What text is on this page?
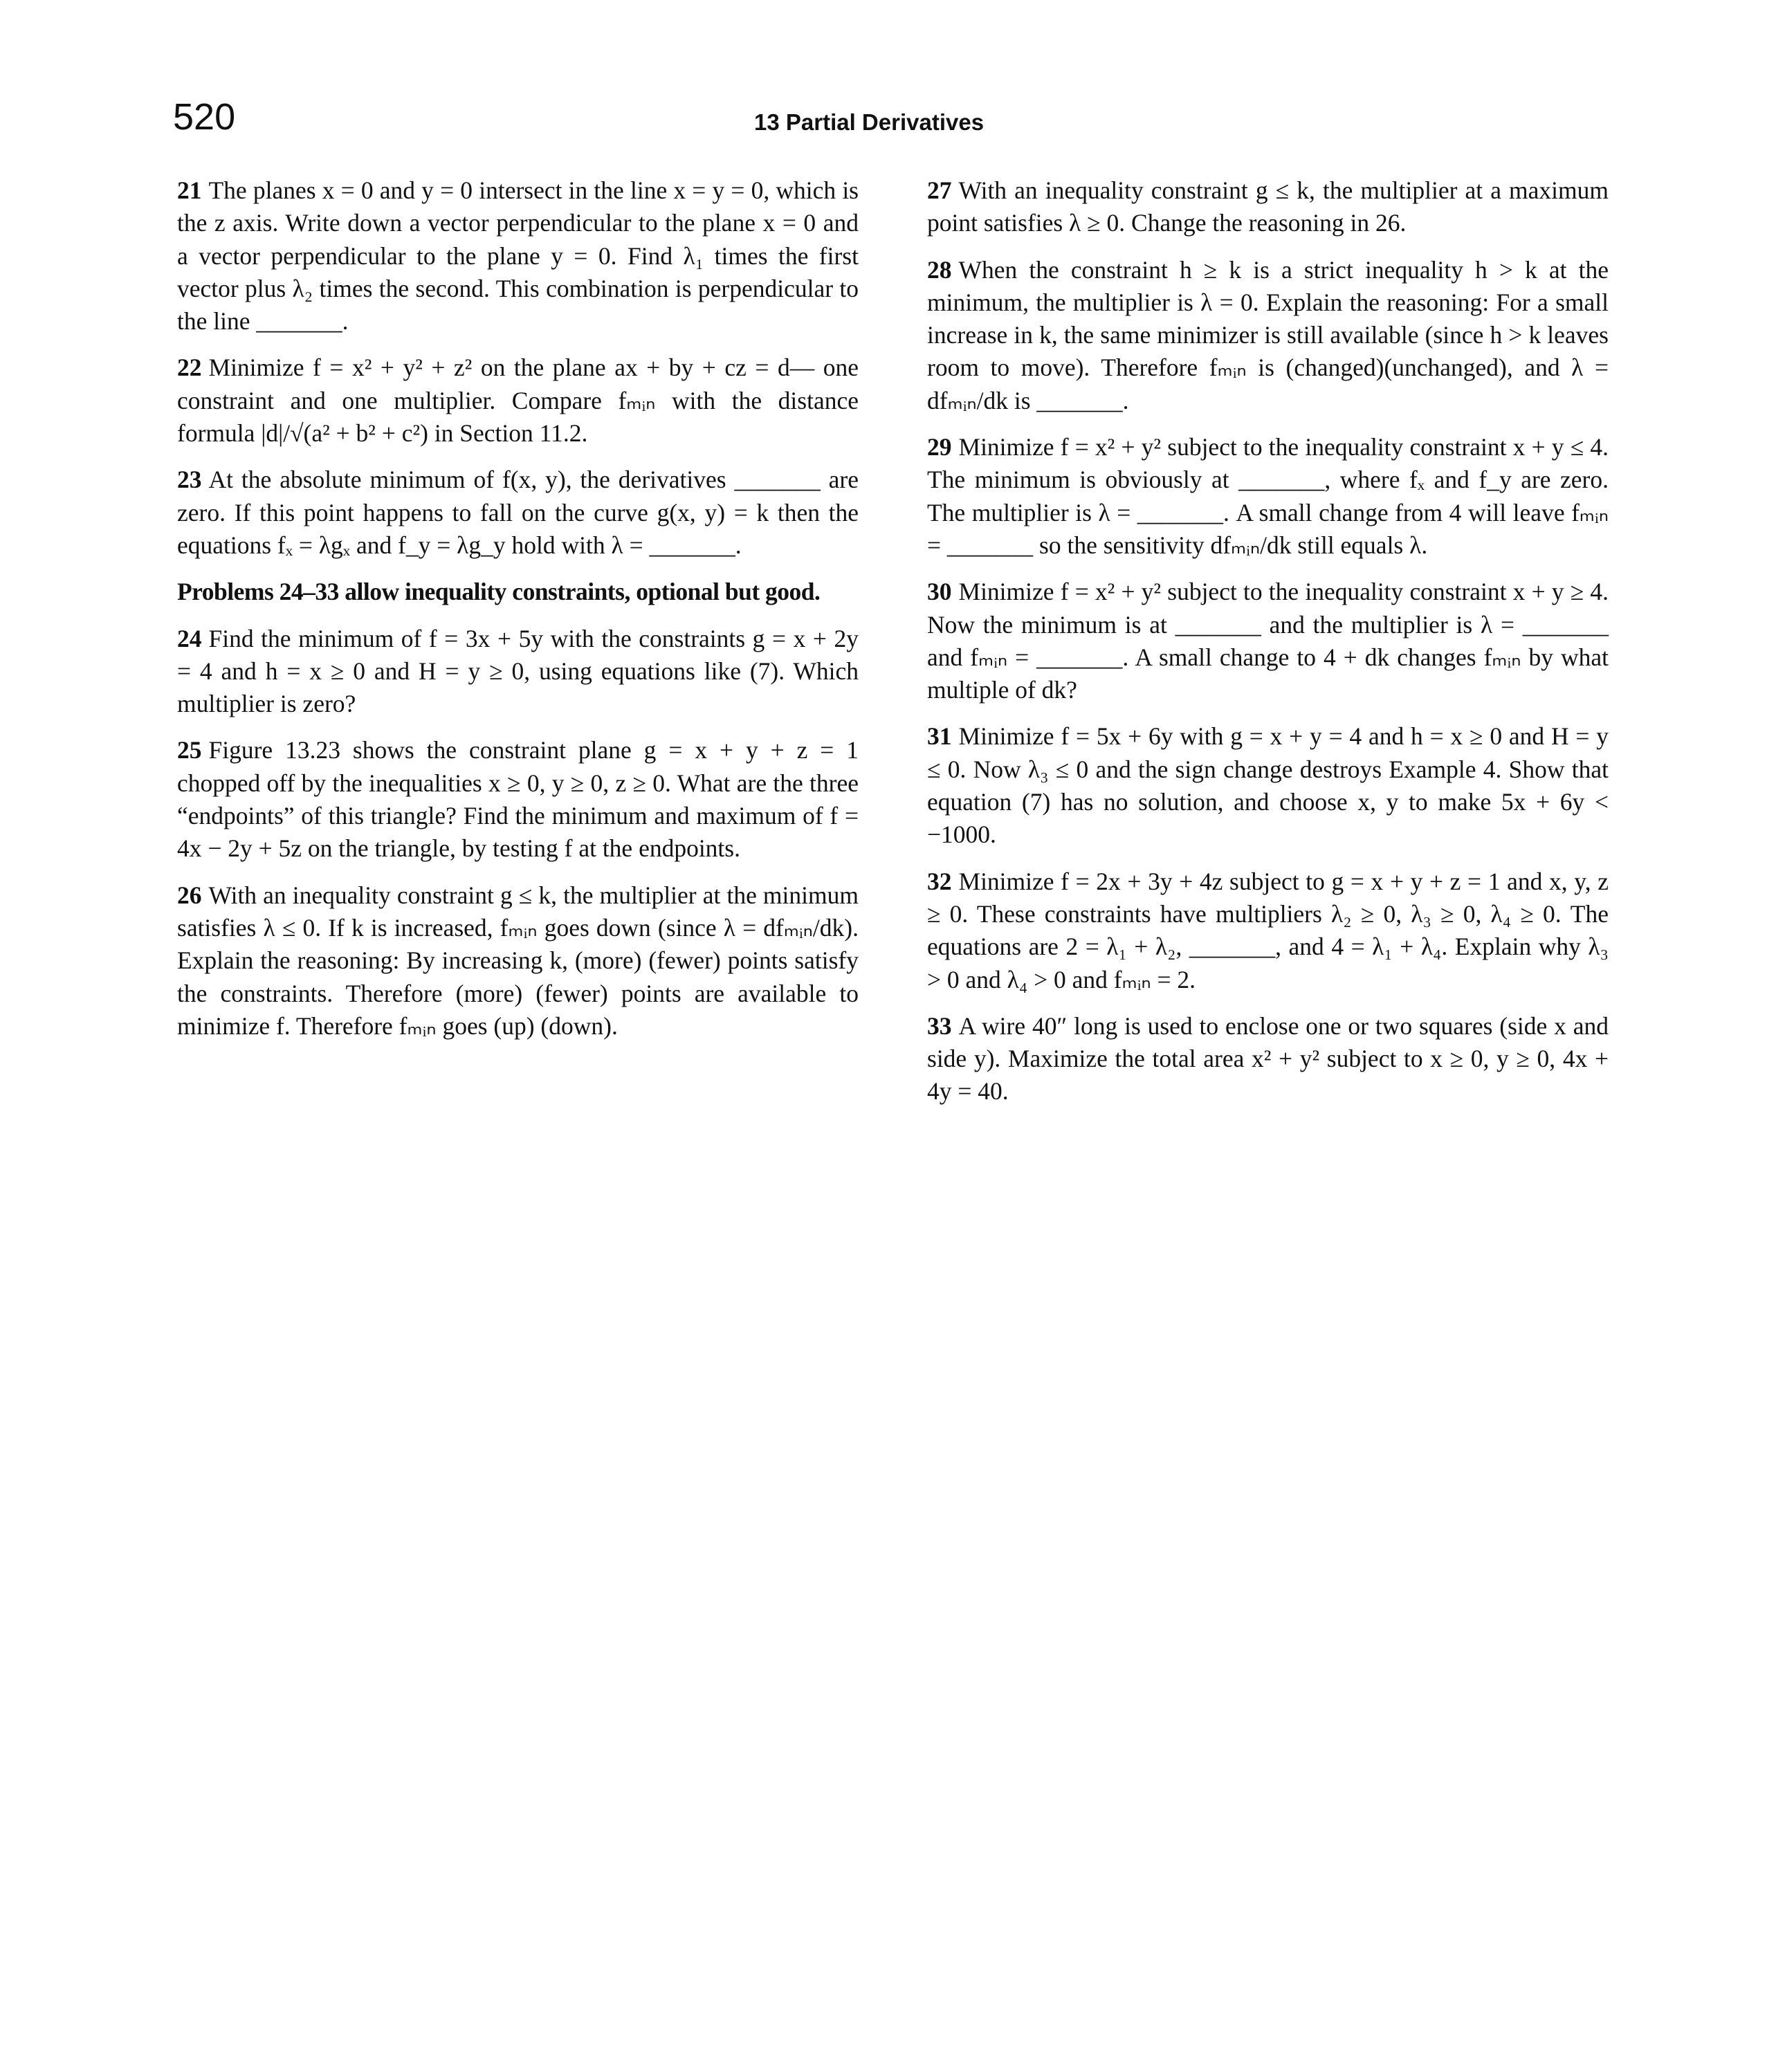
520	13 Partial Derivatives
21 The planes x = 0 and y = 0 intersect in the line x = y = 0, which is the z axis. Write down a vector perpendicular to the plane x = 0 and a vector perpendicular to the plane y = 0. Find λ₁ times the first vector plus λ₂ times the second. This combination is perpendicular to the line _______.
22 Minimize f = x² + y² + z² on the plane ax + by + cz = d— one constraint and one multiplier. Compare fₘᵢₙ with the distance formula |d|/√(a² + b² + c²) in Section 11.2.
23 At the absolute minimum of f(x, y), the derivatives _______ are zero. If this point happens to fall on the curve g(x, y) = k then the equations fₓ = λgₓ and f_y = λg_y hold with λ = _______.
Problems 24–33 allow inequality constraints, optional but good.
24 Find the minimum of f = 3x + 5y with the constraints g = x + 2y = 4 and h = x ≥ 0 and H = y ≥ 0, using equations like (7). Which multiplier is zero?
25 Figure 13.23 shows the constraint plane g = x + y + z = 1 chopped off by the inequalities x ≥ 0, y ≥ 0, z ≥ 0. What are the three “endpoints” of this triangle? Find the minimum and maximum of f = 4x − 2y + 5z on the triangle, by testing f at the endpoints.
26 With an inequality constraint g ≤ k, the multiplier at the minimum satisfies λ ≤ 0. If k is increased, fₘᵢₙ goes down (since λ = dfₘᵢₙ/dk). Explain the reasoning: By increasing k, (more) (fewer) points satisfy the constraints. Therefore (more) (fewer) points are available to minimize f. Therefore fₘᵢₙ goes (up) (down).
27 With an inequality constraint g ≤ k, the multiplier at a maximum point satisfies λ ≥ 0. Change the reasoning in 26.
28 When the constraint h ≥ k is a strict inequality h > k at the minimum, the multiplier is λ = 0. Explain the reasoning: For a small increase in k, the same minimizer is still available (since h > k leaves room to move). Therefore fₘᵢₙ is (changed)(unchanged), and λ = dfₘᵢₙ/dk is _______.
29 Minimize f = x² + y² subject to the inequality constraint x + y ≤ 4. The minimum is obviously at _______, where fₓ and f_y are zero. The multiplier is λ = _______. A small change from 4 will leave fₘᵢₙ = _______ so the sensitivity dfₘᵢₙ/dk still equals λ.
30 Minimize f = x² + y² subject to the inequality constraint x + y ≥ 4. Now the minimum is at _______ and the multiplier is λ = _______ and fₘᵢₙ = _______. A small change to 4 + dk changes fₘᵢₙ by what multiple of dk?
31 Minimize f = 5x + 6y with g = x + y = 4 and h = x ≥ 0 and H = y ≤ 0. Now λ₃ ≤ 0 and the sign change destroys Example 4. Show that equation (7) has no solution, and choose x, y to make 5x + 6y < −1000.
32 Minimize f = 2x + 3y + 4z subject to g = x + y + z = 1 and x, y, z ≥ 0. These constraints have multipliers λ₂ ≥ 0, λ₃ ≥ 0, λ₄ ≥ 0. The equations are 2 = λ₁ + λ₂, _______, and 4 = λ₁ + λ₄. Explain why λ₃ > 0 and λ₄ > 0 and fₘᵢₙ = 2.
33 A wire 40″ long is used to enclose one or two squares (side x and side y). Maximize the total area x² + y² subject to x ≥ 0, y ≥ 0, 4x + 4y = 40.
